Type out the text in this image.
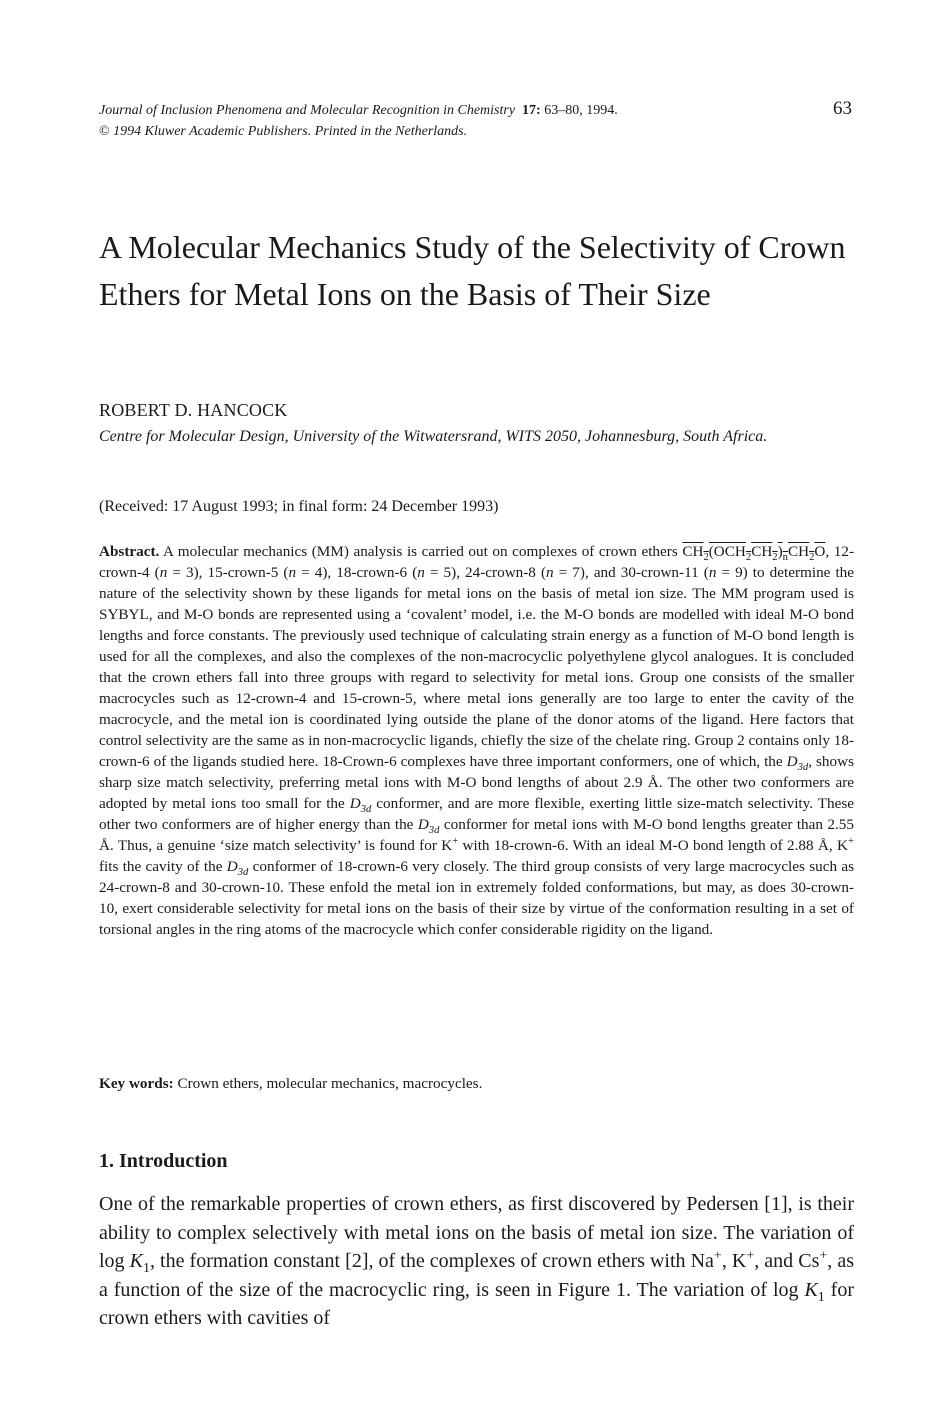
Journal of Inclusion Phenomena and Molecular Recognition in Chemistry 17: 63–80, 1994.	63
© 1994 Kluwer Academic Publishers. Printed in the Netherlands.
A Molecular Mechanics Study of the Selectivity of Crown Ethers for Metal Ions on the Basis of Their Size
ROBERT D. HANCOCK
Centre for Molecular Design, University of the Witwatersrand, WITS 2050, Johannesburg, South Africa.
(Received: 17 August 1993; in final form: 24 December 1993)

Abstract. A molecular mechanics (MM) analysis is carried out on complexes of crown ethers $CH_2(OCH_2CH_2)_nCH_2O$, 12-crown-4 (n = 3), 15-crown-5 (n = 4), 18-crown-6 (n = 5), 24-crown-8 (n = 7), and 30-crown-11 (n = 9) to determine the nature of the selectivity shown by these ligands for metal ions on the basis of metal ion size. The MM program used is SYBYL, and M-O bonds are represented using a ‘covalent’ model, i.e. the M-O bonds are modelled with ideal M-O bond lengths and force constants. The previously used technique of calculating strain energy as a function of M-O bond length is used for all the complexes, and also the complexes of the non-macrocyclic polyethylene glycol analogues. It is concluded that the crown ethers fall into three groups with regard to selectivity for metal ions. Group one consists of the smaller macrocycles such as 12-crown-4 and 15-crown-5, where metal ions generally are too large to enter the cavity of the macrocycle, and the metal ion is coordinated lying outside the plane of the donor atoms of the ligand. Here factors that control selectivity are the same as in non-macrocyclic ligands, chiefly the size of the chelate ring. Group 2 contains only 18-crown-6 of the ligands studied here. 18-Crown-6 complexes have three important conformers, one of which, the $D_{3d}$, shows sharp size match selectivity, preferring metal ions with M-O bond lengths of about 2.9 Å. The other two conformers are adopted by metal ions too small for the $D_{3d}$ conformer, and are more flexible, exerting little size-match selectivity. These other two conformers are of higher energy than the $D_{3d}$ conformer for metal ions with M-O bond lengths greater than 2.55 Å. Thus, a genuine ‘size match selectivity’ is found for K+ with 18-crown-6. With an ideal M-O bond length of 2.88 Å, K+ fits the cavity of the $D_{3d}$ conformer of 18-crown-6 very closely. The third group consists of very large macrocycles such as 24-crown-8 and 30-crown-10. These enfold the metal ion in extremely folded conformations, but may, as does 30-crown-10, exert considerable selectivity for metal ions on the basis of their size by virtue of the conformation resulting in a set of torsional angles in the ring atoms of the macrocycle which confer considerable rigidity on the ligand.

Key words: Crown ethers, molecular mechanics, macrocycles.
1. Introduction

One of the remarkable properties of crown ethers, as first discovered by Pedersen [1], is their ability to complex selectively with metal ions on the basis of metal ion size. The variation of $\log K_1$, the formation constant [2], of the complexes of crown ethers with Na+, K+, and Cs+, as a function of the size of the macrocyclic ring, is seen in Figure 1. The variation of $\log K_1$ for crown ethers with cavities of
